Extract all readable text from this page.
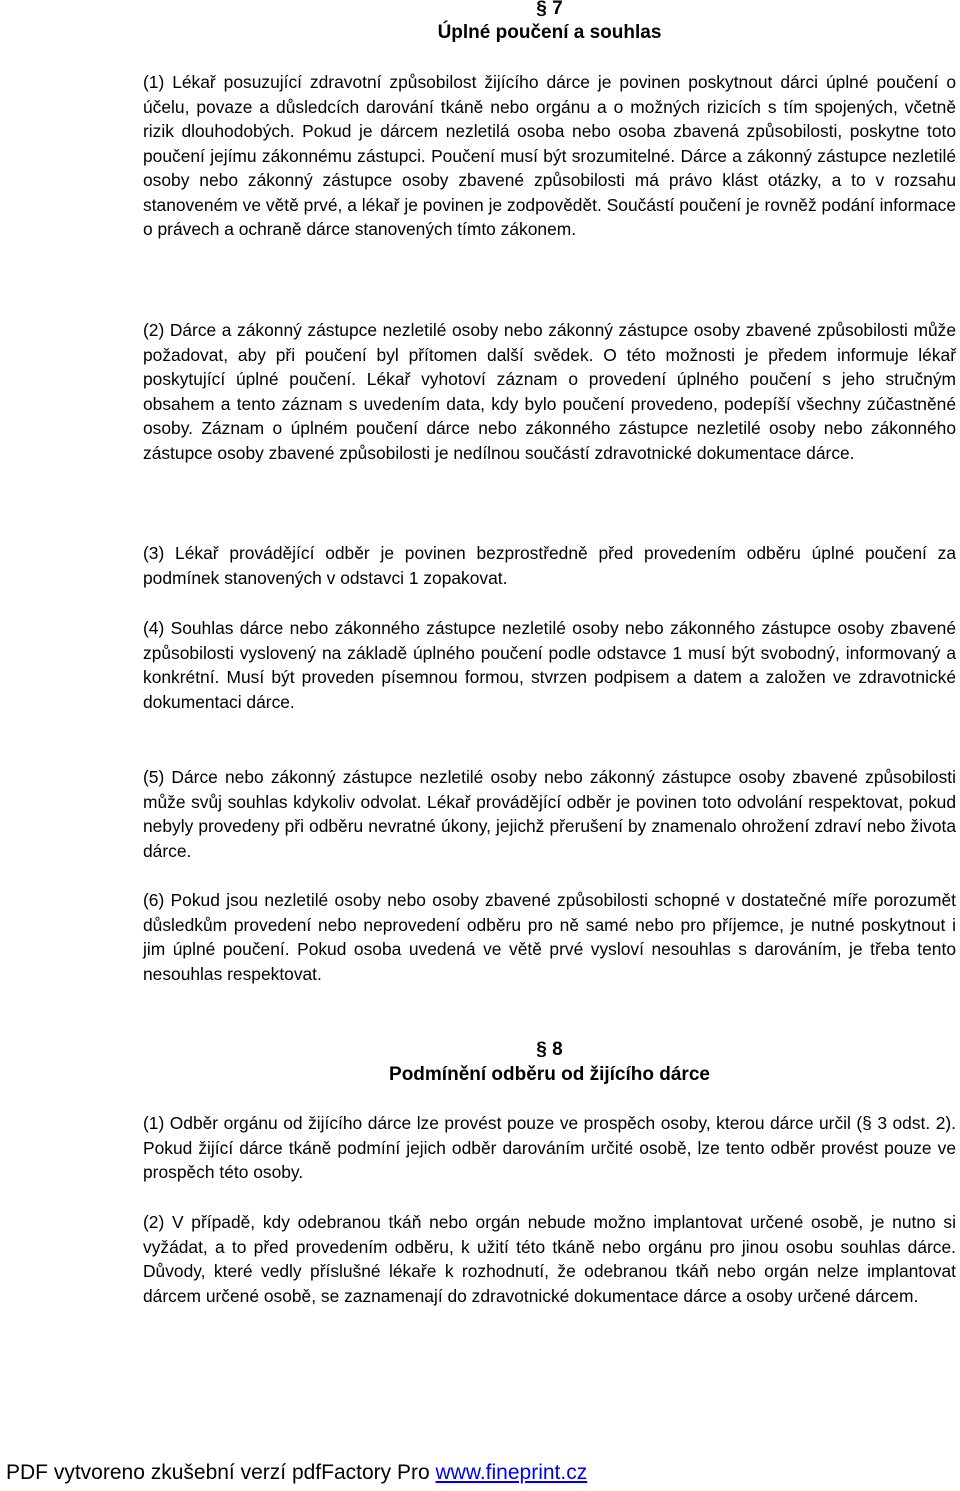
§ 7
Úplné poučení a souhlas

(1) Lékař posuzující zdravotní způsobilost žijícího dárce je povinen poskytnout dárci úplné poučení o účelu, povaze a důsledcích darování tkáně nebo orgánu a o možných rizicích s tím spojených, včetně rizik dlouhodobých. Pokud je dárcem nezletilá osoba nebo osoba zbavená způsobilosti, poskytne toto poučení jejímu zákonnému zástupci. Poučení musí být srozumitelné. Dárce a zákonný zástupce nezletilé osoby nebo zákonný zástupce osoby zbavené způsobilosti má právo klást otázky, a to v rozsahu stanoveném ve větě prvé, a lékař je povinen je zodpovědět. Součástí poučení je rovněž podání informace o právech a ochraně dárce stanovených tímto zákonem.

(2) Dárce a zákonný zástupce nezletilé osoby nebo zákonný zástupce osoby zbavené způsobilosti může požadovat, aby při poučení byl přítomen další svědek. O této možnosti je předem informuje lékař poskytující úplné poučení. Lékař vyhotoví záznam o provedení úplného poučení s jeho stručným obsahem a tento záznam s uvedením data, kdy bylo poučení provedeno, podepíší všechny zúčastněné osoby. Záznam o úplném poučení dárce nebo zákonného zástupce nezletilé osoby nebo zákonného zástupce osoby zbavené způsobilosti je nedílnou součástí zdravotnické dokumentace dárce.

(3) Lékař provádějící odběr je povinen bezprostředně před provedením odběru úplné poučení za podmínek stanovených v odstavci 1 zopakovat.

(4) Souhlas dárce nebo zákonného zástupce nezletilé osoby nebo zákonného zástupce osoby zbavené způsobilosti vyslovený na základě úplného poučení podle odstavce 1 musí být svobodný, informovaný a konkrétní. Musí být proveden písemnou formou, stvrzen podpisem a datem a založen ve zdravotnické dokumentaci dárce.

(5) Dárce nebo zákonný zástupce nezletilé osoby nebo zákonný zástupce osoby zbavené způsobilosti může svůj souhlas kdykoliv odvolat. Lékař provádějící odběr je povinen toto odvolání respektovat, pokud nebyly provedeny při odběru nevratné úkony, jejichž přerušení by znamenalo ohrožení zdraví nebo života dárce.

(6) Pokud jsou nezletilé osoby nebo osoby zbavené způsobilosti schopné v dostatečné míře porozumět důsledkům provedení nebo neprovedení odběru pro ně samé nebo pro příjemce, je nutné poskytnout i jim úplné poučení. Pokud osoba uvedená ve větě prvé vysloví nesouhlas s darováním, je třeba tento nesouhlas respektovat.

§ 8
Podmínění odběru od žijícího dárce

(1) Odběr orgánu od žijícího dárce lze provést pouze ve prospěch osoby, kterou dárce určil (§ 3 odst. 2). Pokud žijící dárce tkáně podmíní jejich odběr darováním určité osobě, lze tento odběr provést pouze ve prospěch této osoby.

(2) V případě, kdy odebranou tkáň nebo orgán nebude možno implantovat určené osobě, je nutno si vyžádat, a to před provedením odběru, k užití této tkáně nebo orgánu pro jinou osobu souhlas dárce. Důvody, které vedly příslušné lékaře k rozhodnutí, že odebranou tkáň nebo orgán nelze implantovat dárcem určené osobě, se zaznamenají do zdravotnické dokumentace dárce a osoby určené dárcem.

PDF vytvoreno zkušební verzí pdfFactory Pro www.fineprint.cz
